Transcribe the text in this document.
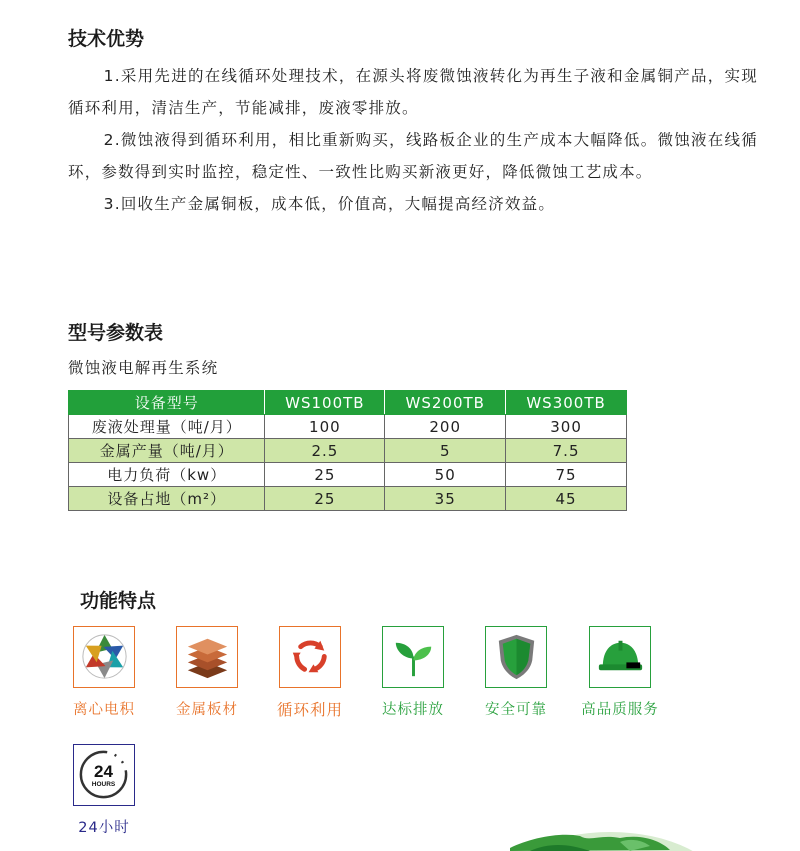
技术优势

1.采用先进的在线循环处理技术，在源头将废微蚀液转化为再生子液和金属铜产品，实现循环利用，清洁生产，节能减排，废液零排放。

2.微蚀液得到循环利用，相比重新购买，线路板企业的生产成本大幅降低。微蚀液在线循环，参数得到实时监控，稳定性、一致性比购买新液更好，降低微蚀工艺成本。

3.回收生产金属铜板，成本低，价值高，大幅提高经济效益。

型号参数表
微蚀液电解再生系统
设备型号	WS100TB	WS200TB	WS300TB
废液处理量（吨/月）	100	200	300
金属产量（吨/月）	2.5	5	7.5
电力负荷（kw）	25	50	75
设备占地（m²）	25	35	45
功能特点
离心电积	金属板材	循环利用	达标排放	安全可靠	高品质服务
24
HOURS
24小时
